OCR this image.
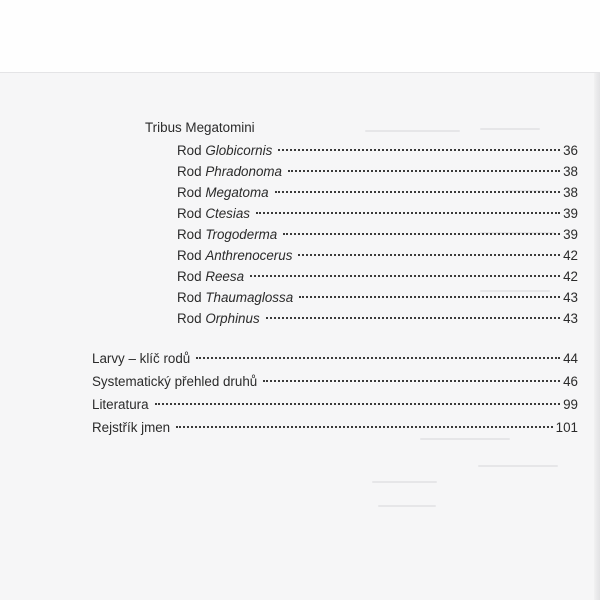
Tribus Megatomini
Rod Globicornis	36
Rod Phradonoma	38
Rod Megatoma	38
Rod Ctesias	39
Rod Trogoderma	39
Rod Anthrenocerus	42
Rod Reesa	42
Rod Thaumaglossa	43
Rod Orphinus	43
Larvy – klíč rodů	44
Systematický přehled druhů	46
Literatura	99
Rejstřík jmen	101
